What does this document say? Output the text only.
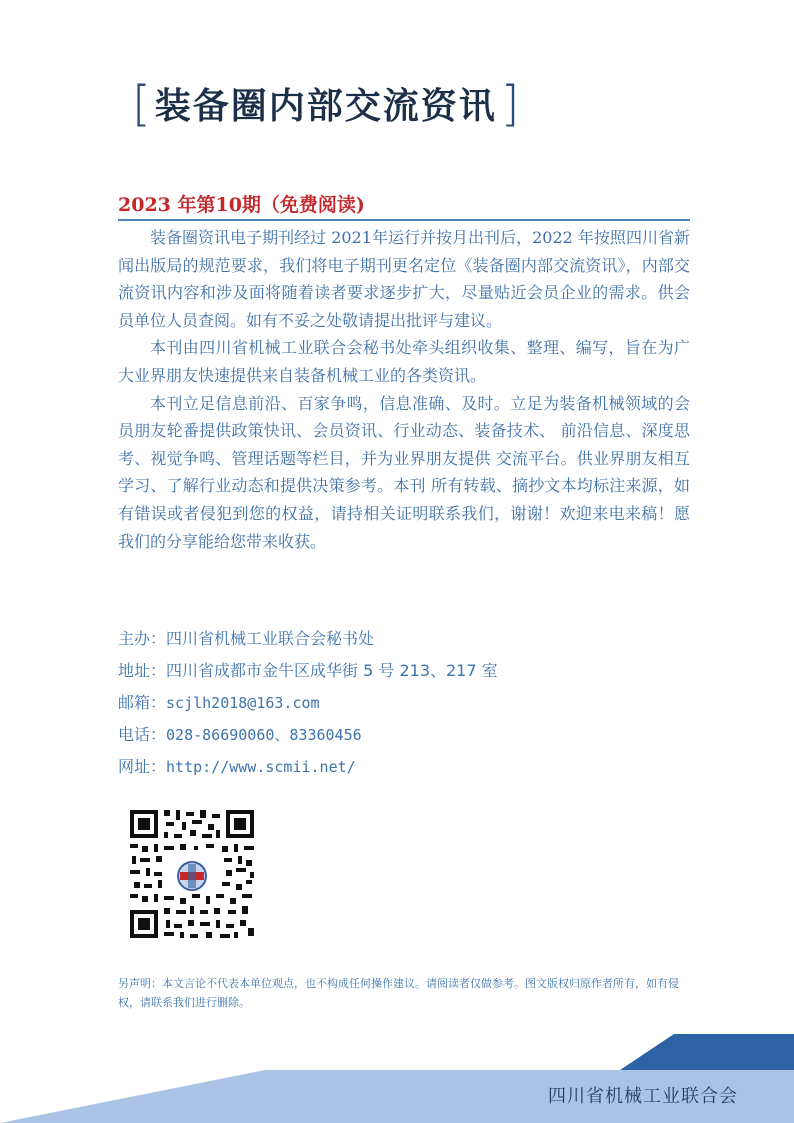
[ 装备圈内部交流资讯 ]
2023 年第10期（免费阅读)

装备圈资讯电子期刊经过 2021年运行并按月出刊后，2022 年按照四川省新闻出版局的规范要求，我们将电子期刊更名定位《装备圈内部交流资讯》，内部交流资讯内容和涉及面将随着读者要求逐步扩大，尽量贴近会员企业的需求。供会员单位人员查阅。如有不妥之处敬请提出批评与建议。

本刊由四川省机械工业联合会秘书处牵头组织收集、整理、编写，旨在为广大业界朋友快速提供来自装备机械工业的各类资讯。

本刊立足信息前沿、百家争鸣，信息准确、及时。立足为装备机械领域的会员朋友轮番提供政策快讯、会员资讯、行业动态、装备技术、 前沿信息、深度思考、视觉争鸣、管理话题等栏目，并为业界朋友提供 交流平台。供业界朋友相互学习、了解行业动态和提供决策参考。本刊 所有转载、摘抄文本均标注来源，如有错误或者侵犯到您的权益，请持相关证明联系我们，谢谢！欢迎来电来稿！愿我们的分享能给您带来收获。

主办：四川省机械工业联合会秘书处
地址：四川省成都市金牛区成华街 5 号 213、217 室
邮箱：scjlh2018@163.com
电话：028-86690060、83360456
网址：http://www.scmii.net/
另声明：本文言论不代表本单位观点，也不构成任何操作建议。请阅读者仅做参考。图文版权归原作者所有，如有侵权，请联系我们进行删除。
四川省机械工业联合会
